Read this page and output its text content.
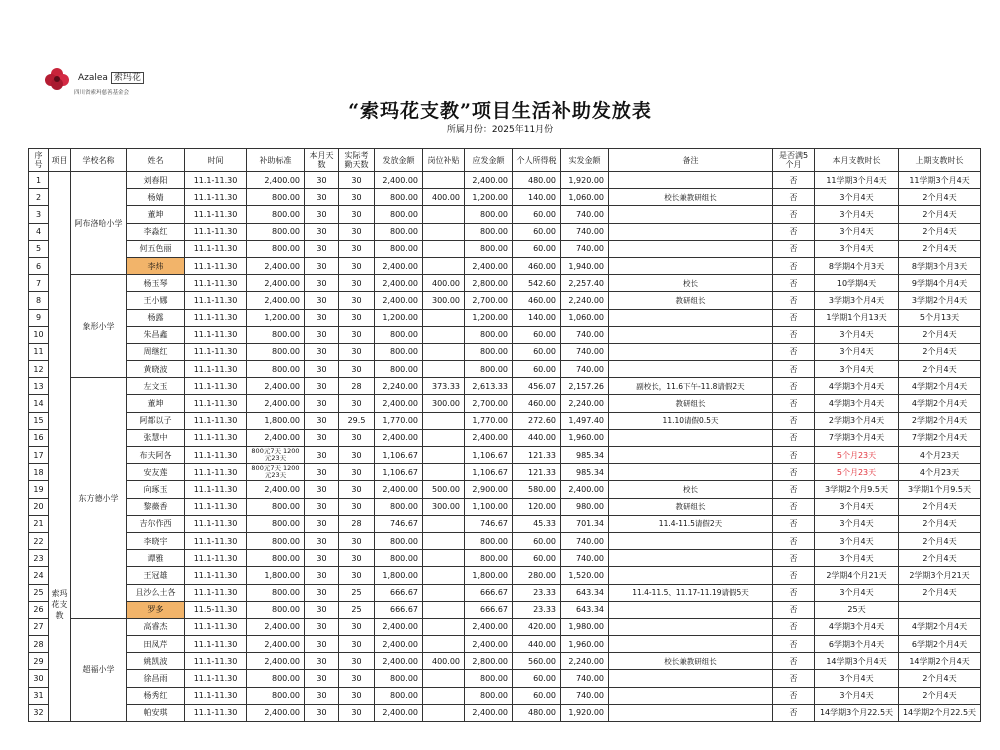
Azalea 索玛花
四川省索玛慈善基金会
“索玛花支教”项目生活补助发放表
所属月份：2025年11月份
序号	项目	学校名称	姓名	时间	补助标准	本月天数	实际考勤天数	发放金额	岗位补贴	应发金额	个人所得税	实发金额	备注	是否满5个月	本月支教时长	上期支教时长
1	索玛花支教	阿布洛哈小学	刘春阳	11.1-11.30	2,400.00	30	30	2,400.00		2,400.00	480.00	1,920.00		否	11学期3个月4天	11学期3个月4天
2			杨婧	11.1-11.30	800.00	30	30	800.00	400.00	1,200.00	140.00	1,060.00	校长兼教研组长	否	3个月4天	2个月4天
3			董坤	11.1-11.30	800.00	30	30	800.00		800.00	60.00	740.00		否	3个月4天	2个月4天
4			李淼红	11.1-11.30	800.00	30	30	800.00		800.00	60.00	740.00		否	3个月4天	2个月4天
5			何五色丽	11.1-11.30	800.00	30	30	800.00		800.00	60.00	740.00		否	3个月4天	2个月4天
6			李炜	11.1-11.30	2,400.00	30	30	2,400.00		2,400.00	460.00	1,940.00		否	8学期4个月3天	8学期3个月3天
7		象形小学	杨玉琴	11.1-11.30	2,400.00	30	30	2,400.00	400.00	2,800.00	542.60	2,257.40	校长	否	10学期4天	9学期4个月4天
8			王小娜	11.1-11.30	2,400.00	30	30	2,400.00	300.00	2,700.00	460.00	2,240.00	教研组长	否	3学期3个月4天	3学期2个月4天
9			杨露	11.1-11.30	1,200.00	30	30	1,200.00		1,200.00	140.00	1,060.00		否	1学期1个月13天	5个月13天
10			朱昌鑫	11.1-11.30	800.00	30	30	800.00		800.00	60.00	740.00		否	3个月4天	2个月4天
11			周继红	11.1-11.30	800.00	30	30	800.00		800.00	60.00	740.00		否	3个月4天	2个月4天
12			黄晓波	11.1-11.30	800.00	30	30	800.00		800.00	60.00	740.00		否	3个月4天	2个月4天
13		东方德小学	左文玉	11.1-11.30	2,400.00	30	28	2,240.00	373.33	2,613.33	456.07	2,157.26	副校长，11.6下午-11.8请假2天	否	4学期3个月4天	4学期2个月4天
14			董坤	11.1-11.30	2,400.00	30	30	2,400.00	300.00	2,700.00	460.00	2,240.00	教研组长	否	4学期3个月4天	4学期2个月4天
15			阿都以子	11.1-11.30	1,800.00	30	29.5	1,770.00		1,770.00	272.60	1,497.40	11.10请假0.5天	否	2学期3个月4天	2学期2个月4天
16			张慧中	11.1-11.30	2,400.00	30	30	2,400.00		2,400.00	440.00	1,960.00		否	7学期3个月4天	7学期2个月4天
17			布夫阿各	11.1-11.30	800元7天 1200元23天	30	30	1,106.67		1,106.67	121.33	985.34		否	5个月23天	4个月23天
18			安友莲	11.1-11.30	800元7天 1200元23天	30	30	1,106.67		1,106.67	121.33	985.34		否	5个月23天	4个月23天
19			向琢玉	11.1-11.30	2,400.00	30	30	2,400.00	500.00	2,900.00	580.00	2,400.00	校长	否	3学期2个月9.5天	3学期1个月9.5天
20			黎薇香	11.1-11.30	800.00	30	30	800.00	300.00	1,100.00	120.00	980.00	教研组长	否	3个月4天	2个月4天
21			吉尔作西	11.1-11.30	800.00	30	28	746.67		746.67	45.33	701.34	11.4-11.5请假2天	否	3个月4天	2个月4天
22			李晓宇	11.1-11.30	800.00	30	30	800.00		800.00	60.00	740.00		否	3个月4天	2个月4天
23			谭雅	11.1-11.30	800.00	30	30	800.00		800.00	60.00	740.00		否	3个月4天	2个月4天
24			王冠雄	11.1-11.30	1,800.00	30	30	1,800.00		1,800.00	280.00	1,520.00		否	2学期4个月21天	2学期3个月21天
25			且沙么土各	11.1-11.30	800.00	30	25	666.67		666.67	23.33	643.34	11.4-11.5、11.17-11.19请假5天	否	3个月4天	2个月4天
26			罗多	11.5-11.30	800.00	30	25	666.67		666.67	23.33	643.34		否	25天	
27		超福小学	高睿杰	11.1-11.30	2,400.00	30	30	2,400.00		2,400.00	420.00	1,980.00		否	4学期3个月4天	4学期2个月4天
28			田凤芹	11.1-11.30	2,400.00	30	30	2,400.00		2,400.00	440.00	1,960.00		否	6学期3个月4天	6学期2个月4天
29			姚凯波	11.1-11.30	2,400.00	30	30	2,400.00	400.00	2,800.00	560.00	2,240.00	校长兼教研组长	否	14学期3个月4天	14学期2个月4天
30			徐昌雨	11.1-11.30	800.00	30	30	800.00		800.00	60.00	740.00		否	3个月4天	2个月4天
31			杨秀红	11.1-11.30	800.00	30	30	800.00		800.00	60.00	740.00		否	3个月4天	2个月4天
32			帕安琪	11.1-11.30	2,400.00	30	30	2,400.00		2,400.00	480.00	1,920.00		否	14学期3个月22.5天	14学期2个月22.5天
